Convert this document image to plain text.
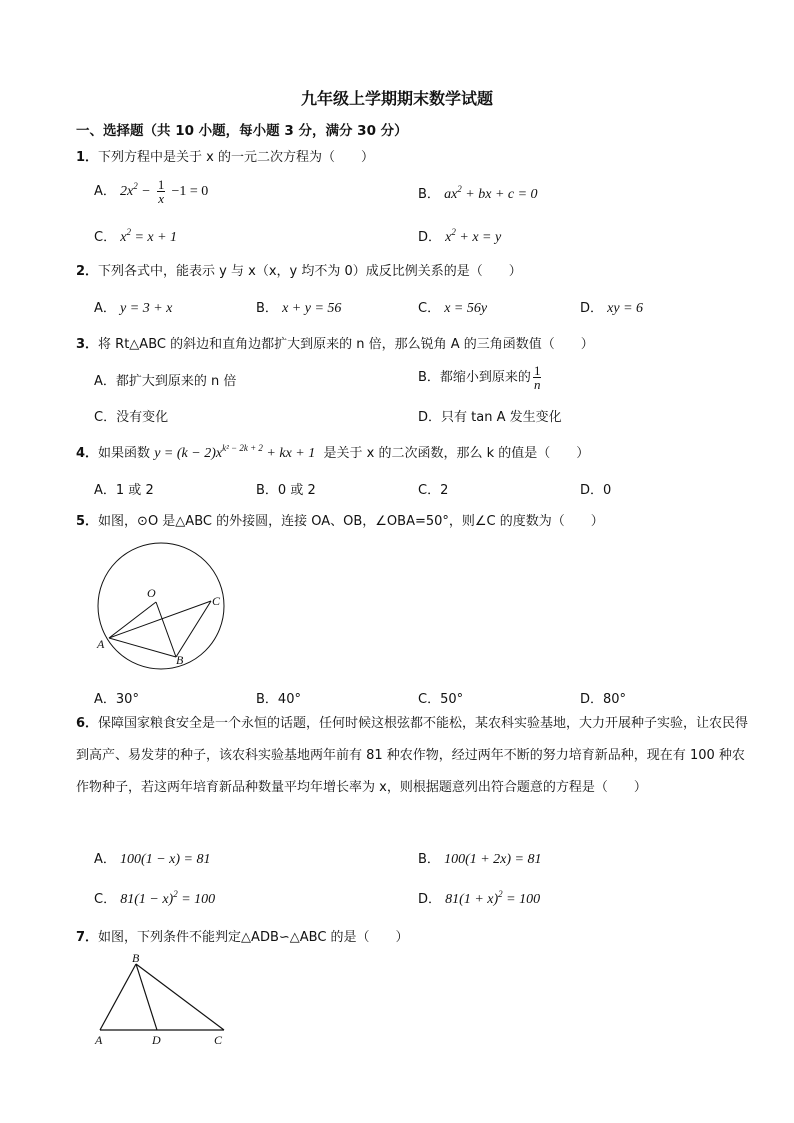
九年级上学期期末数学试题
一、选择题（共 10 小题，每小题 3 分，满分 30 分）
1．下列方程中是关于 x 的一元二次方程为（　　）
A． $2x^2 - \frac{1}{x} -1 = 0$	B． $ax^2$ + bx + c = 0
C． $x^2 = x + 1$	D． $x^2 + x = y$
2．下列各式中，能表示 y 与 x（x，y 均不为 0）成反比例关系的是（　　）
A． y = 3 + x	B． x + y = 56	C． x = 56y	D． xy = 6
3．将 Rt△ABC 的斜边和直角边都扩大到原来的 n 倍，那么锐角 A 的三角函数值（　　）
A．都扩大到原来的 n 倍	B．都缩小到原来的 $\frac{1}{n}$
C．没有变化	D．只有 tan A 发生变化
4．如果函数 $y = (k - 2)x^{k^2 - 2k + 2}$ + kx + 1 是关于 x 的二次函数，那么 k 的值是（　　）
A．1 或 2	B．0 或 2	C．2	D．0
5．如图，⊙O 是△ABC 的外接圆，连接 OA、OB，∠OBA=50°，则∠C 的度数为（　　）
O
A
B
C
A．30°	B．40°	C．50°	D．80°
6．保障国家粮食安全是一个永恒的话题，任何时候这根弦都不能松，某农科实验基地，大力开展种子实验，让农民得到高产、易发芽的种子，该农科实验基地两年前有 81 种农作物，经过两年不断的努力培育新品种，现在有 100 种农作物种子，若这两年培育新品种数量平均年增长率为 x，则根据题意列出符合题意的方程是（　　）
A． 100(1 − x) = 81	B． 100(1 + 2x) = 81
C． $81(1 - x)^2 = 100$	D． $81(1 + x)^2 = 100$
7．如图，下列条件不能判定△ADB∽△ABC 的是（　　）
B
A	D	C
